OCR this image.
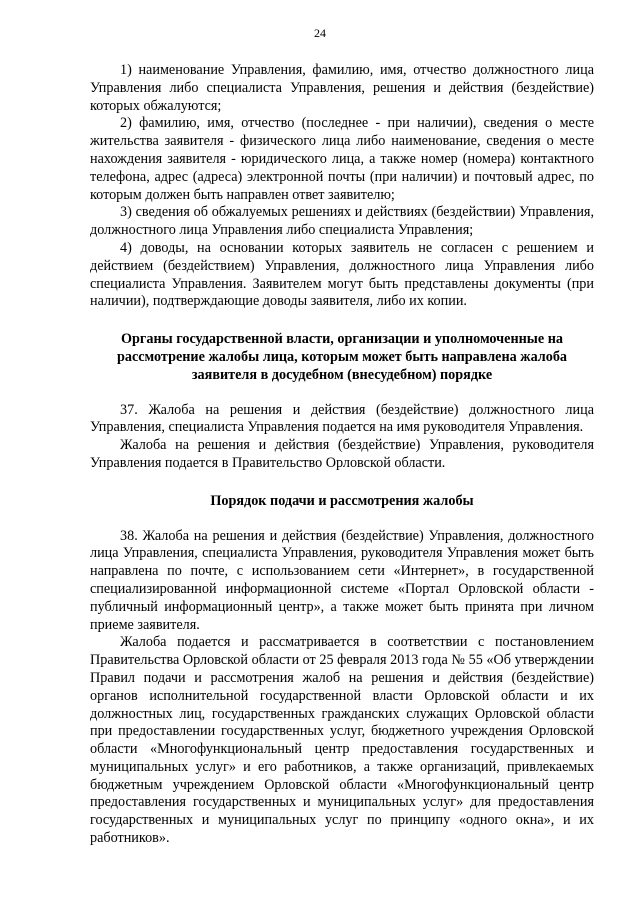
24

1) наименование Управления, фамилию, имя, отчество должностного лица Управления либо специалиста Управления, решения и действия (бездействие) которых обжалуются;

2) фамилию, имя, отчество (последнее - при наличии), сведения о месте жительства заявителя - физического лица либо наименование, сведения о месте нахождения заявителя - юридического лица, а также номер (номера) контактного телефона, адрес (адреса) электронной почты (при наличии) и почтовый адрес, по которым должен быть направлен ответ заявителю;

3) сведения об обжалуемых решениях и действиях (бездействии) Управления, должностного лица Управления либо специалиста Управления;

4) доводы, на основании которых заявитель не согласен с решением и действием (бездействием) Управления, должностного лица Управления либо специалиста Управления. Заявителем могут быть представлены документы (при наличии), подтверждающие доводы заявителя, либо их копии.

Органы государственной власти, организации и уполномоченные на рассмотрение жалобы лица, которым может быть направлена жалоба заявителя в досудебном (внесудебном) порядке

37. Жалоба на решения и действия (бездействие) должностного лица Управления, специалиста Управления подается на имя руководителя Управления.

Жалоба на решения и действия (бездействие) Управления, руководителя Управления подается в Правительство Орловской области.

Порядок подачи и рассмотрения жалобы

38. Жалоба на решения и действия (бездействие) Управления, должностного лица Управления, специалиста Управления, руководителя Управления может быть направлена по почте, с использованием сети «Интернет», в государственной специализированной информационной системе «Портал Орловской области - публичный информационный центр», а также может быть принята при личном приеме заявителя.

Жалоба подается и рассматривается в соответствии с постановлением Правительства Орловской области от 25 февраля 2013 года № 55 «Об утверждении Правил подачи и рассмотрения жалоб на решения и действия (бездействие) органов исполнительной государственной власти Орловской области и их должностных лиц, государственных гражданских служащих Орловской области при предоставлении государственных услуг, бюджетного учреждения Орловской области «Многофункциональный центр предоставления государственных и муниципальных услуг» и его работников, а также организаций, привлекаемых бюджетным учреждением Орловской области «Многофункциональный центр предоставления государственных и муниципальных услуг» для предоставления государственных и муниципальных услуг по принципу «одного окна», и их работников».
